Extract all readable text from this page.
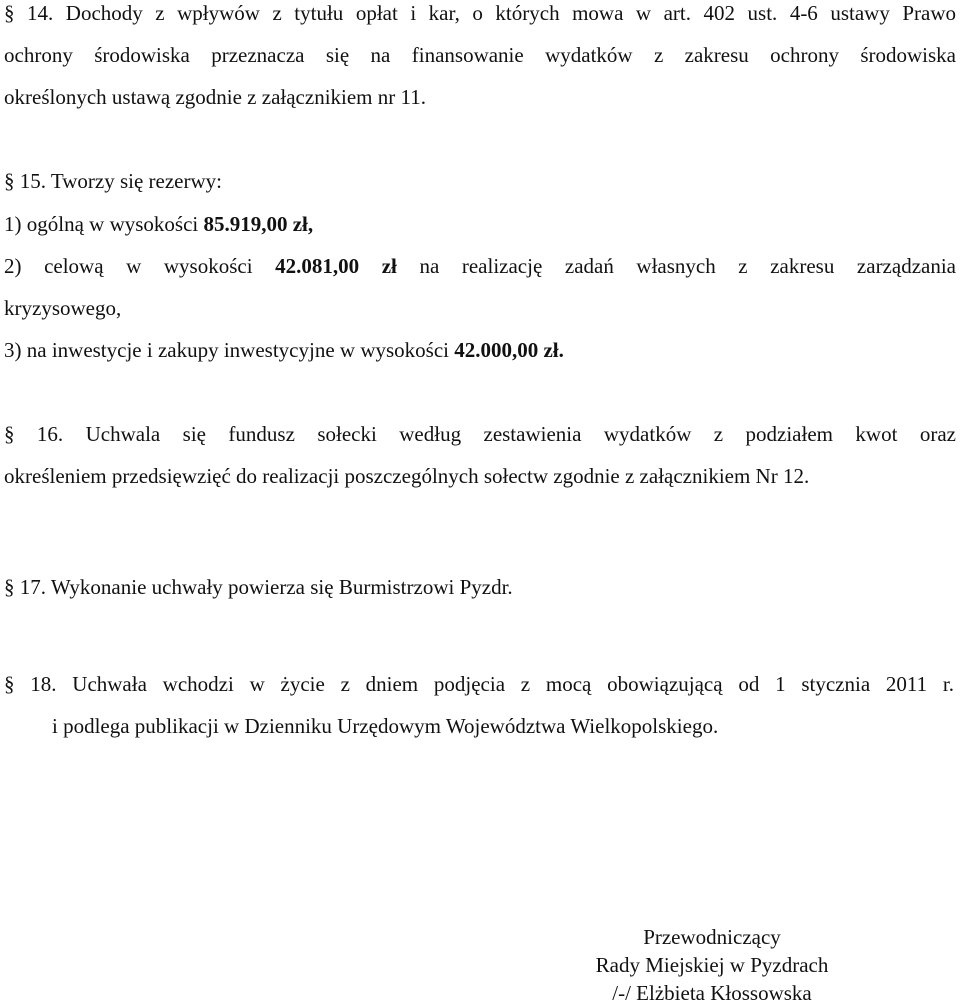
§ 14. Dochody z wpływów z tytułu opłat i kar, o których mowa w art. 402 ust. 4-6 ustawy Prawo
ochrony środowiska przeznacza się na finansowanie wydatków z zakresu ochrony środowiska
określonych ustawą zgodnie z załącznikiem nr 11.
§ 15. Tworzy się rezerwy:
1) ogólną w wysokości 85.919,00 zł,
2) celową w wysokości 42.081,00 zł na realizację zadań własnych z zakresu zarządzania
kryzysowego,
3) na inwestycje i zakupy inwestycyjne w wysokości 42.000,00 zł.
§ 16. Uchwala się fundusz sołecki według zestawienia wydatków z podziałem kwot oraz
określeniem przedsięwzięć do realizacji poszczególnych sołectw zgodnie z załącznikiem Nr 12.
§ 17. Wykonanie uchwały powierza się Burmistrzowi Pyzdr.
§ 18. Uchwała wchodzi w życie z dniem podjęcia z mocą obowiązującą od 1 stycznia 2011 r.
i podlega publikacji w Dzienniku Urzędowym Województwa Wielkopolskiego.
Przewodniczący
Rady Miejskiej w Pyzdrach
/-/ Elżbieta Kłossowska
